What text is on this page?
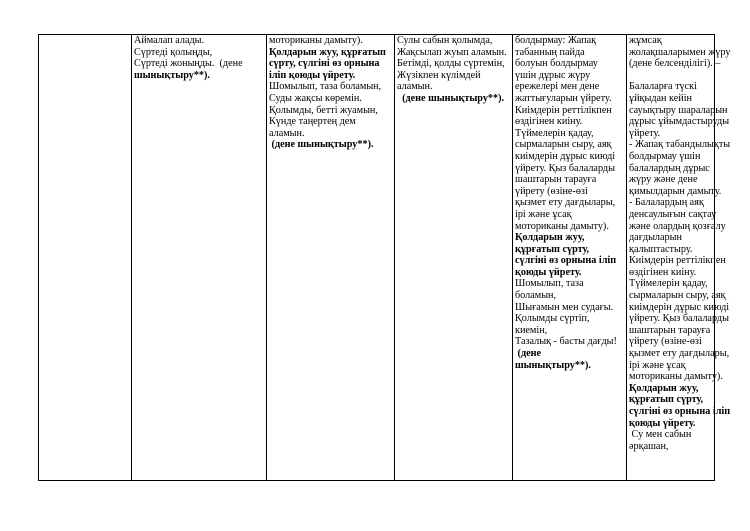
Аймалап алады.
Сүртеді қолыңды,
Сүртеді жоныңды.  (дене
шынықтыру**).
моториканы дамыту).
Қолдарын жуу, құрғатып
сүрту, сүлгіні өз орнына
іліп қоюды үйрету.
Шомылып, таза боламын,
Суды жақсы көремін.
Қолымды, бетті жуамын,
Күнде таңертең дем
аламын.
(дене шынықтыру**).
Сулы сабын қолымда,
Жақсылап жуып аламын.
Бетімді, қолды сүртемін,
Жүзікпен күлімдей
аламын.
(дене шынықтыру**).
болдырмау: Жапақ
табанның пайда
болуын болдырмау
үшін дұрыс жүру
ережелері мен дене
жаттығуларын үйрету.
Киімдерін реттілікпен
өздігінен киіну.
Түймелерін қадау,
сырмаларын сыру, аяқ
киімдерін дұрыс киюді
үйрету. Қыз балаларды
шаштарын тарауға
үйрету (өзіне-өзі
қызмет ету дағдылары,
ірі және ұсақ
моториканы дамыту).
Қолдарын жуу,
құрғатып сүрту,
сүлгіні өз орнына іліп
қоюды үйрету.
Шомылып, таза
боламын,
Шығамын мен судағы.
Қолымды сүртіп,
киемін,
Тазалық - басты дағды!
(дене
шынықтыру**).
жұмсақ
жолақшаларымен жүру
(дене белсенділігі). –

Балаларға түскі
ұйқыдан кейін
сауықтыру шараларын
дұрыс ұйымдастыруды
үйрету.
- Жапақ табандылықты
болдырмау үшін
балалардың дұрыс
жүру және дене
қимылдарын дамыту.
- Балалардың аяқ
денсаулығын сақтау
және олардың қозғалу
дағдыларын
қалыптастыру.
Киімдерін реттілікпен
өздігінен киіну.
Түймелерін қадау,
сырмаларын сыру, аяқ
киімдерін дұрыс киюді
үйрету. Қыз балаларды
шаштарын тарауға
үйрету (өзіне-өзі
қызмет ету дағдылары,
ірі және ұсақ
моториканы дамыту).
Қолдарын жуу,
құрғатып сүрту,
сүлгіні өз орнына іліп
қоюды үйрету.
Су мен сабын
әрқашан,
